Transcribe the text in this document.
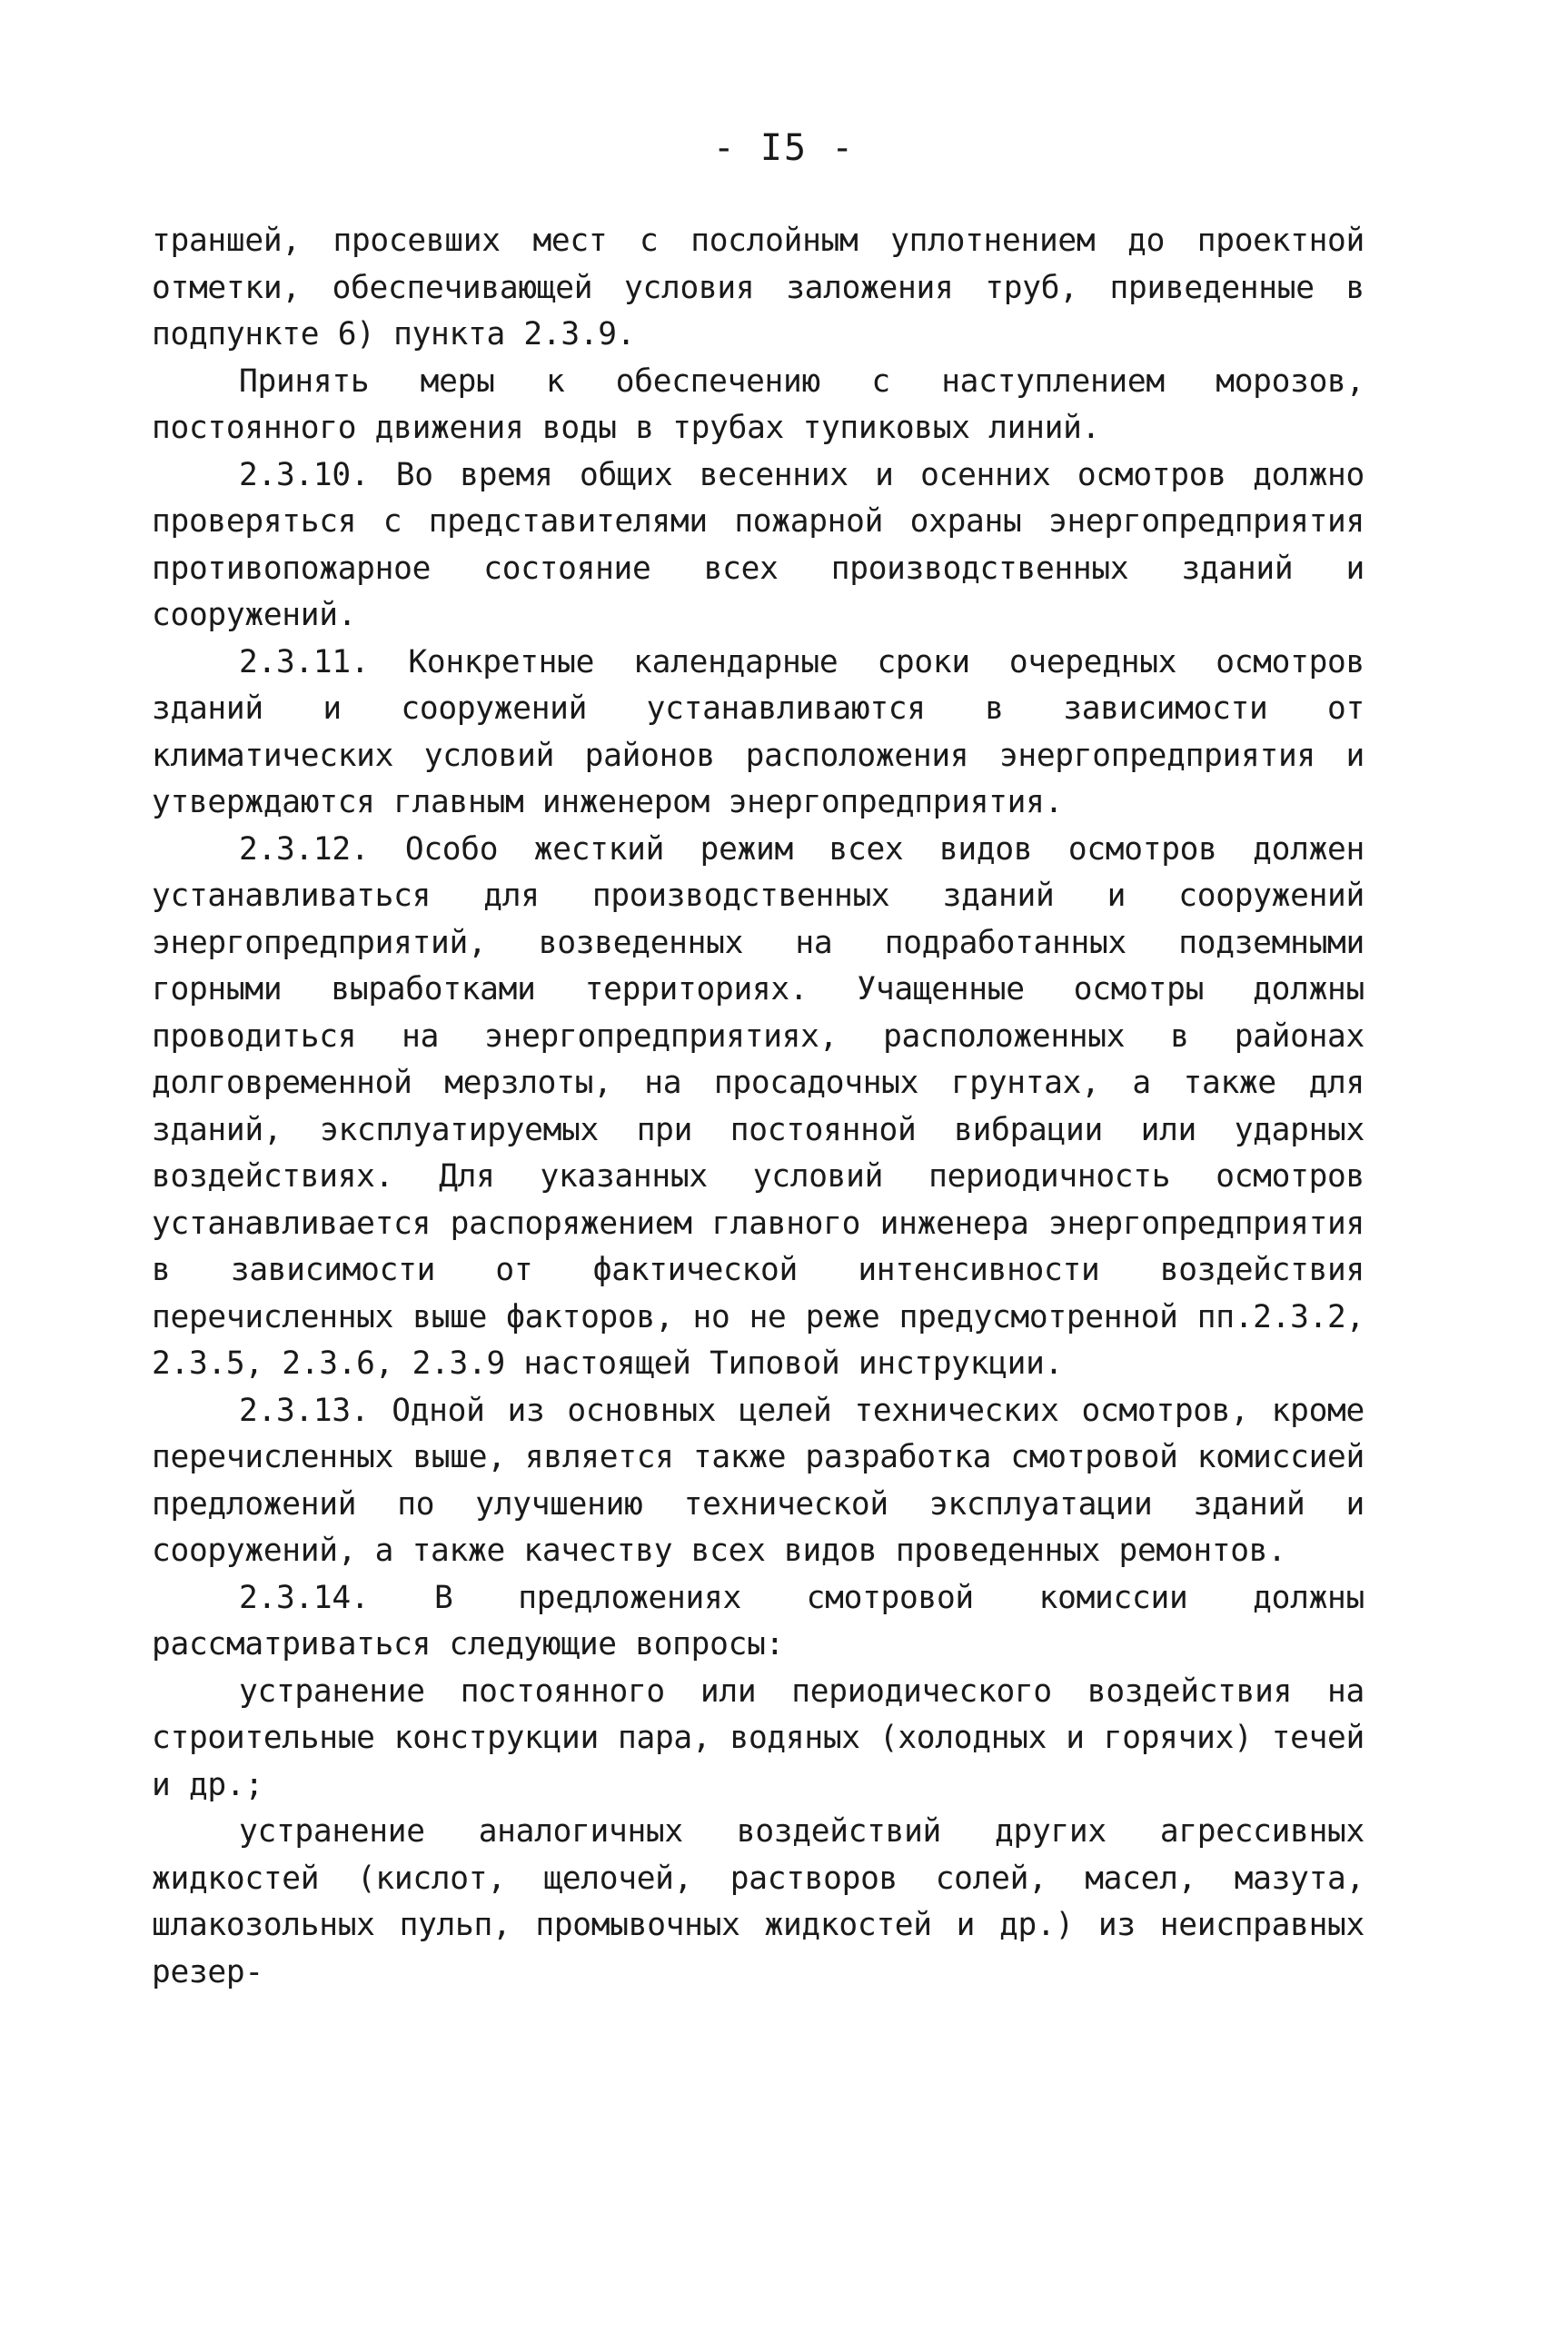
- I5 -

траншей, просевших мест с послойным уплотнением до проектной отметки, обеспечивающей условия заложения труб, приведенные в подпункте 6) пункта 2.3.9.

Принять меры к обеспечению с наступлением морозов, постоянного движения воды в трубах тупиковых линий.

2.3.10. Во время общих весенних и осенних осмотров должно проверяться с представителями пожарной охраны энергопредприятия противопожарное состояние всех производственных зданий и сооружений.

2.3.11. Конкретные календарные сроки очередных осмотров зданий и сооружений устанавливаются в зависимости от климатических условий районов расположения энергопредприятия и утверждаются главным инженером энергопредприятия.

2.3.12. Особо жесткий режим всех видов осмотров должен устанавливаться для производственных зданий и сооружений энергопредприятий, возведенных на подработанных подземными горными выработками территориях. Учащенные осмотры должны проводиться на энергопредприятиях, расположенных в районах долговременной мерзлоты, на просадочных грунтах, а также для зданий, эксплуатируемых при постоянной вибрации или ударных воздействиях. Для указанных условий периодичность осмотров устанавливается распоряжением главного инженера энергопредприятия в зависимости от фактической интенсивности воздействия перечисленных выше факторов, но не реже предусмотренной пп.2.3.2, 2.3.5, 2.3.6, 2.3.9 настоящей Типовой инструкции.

2.3.13. Одной из основных целей технических осмотров, кроме перечисленных выше, является также разработка смотровой комиссией предложений по улучшению технической эксплуатации зданий и сооружений, а также качеству всех видов проведенных ремонтов.

2.3.14. В предложениях смотровой комиссии должны рассматриваться следующие вопросы:

устранение постоянного или периодического воздействия на строительные конструкции пара, водяных (холодных и горячих) течей и др.;

устранение аналогичных воздействий других агрессивных жидкостей (кислот, щелочей, растворов солей, масел, мазута, шлакозольных пульп, промывочных жидкостей и др.) из неисправных резер-
